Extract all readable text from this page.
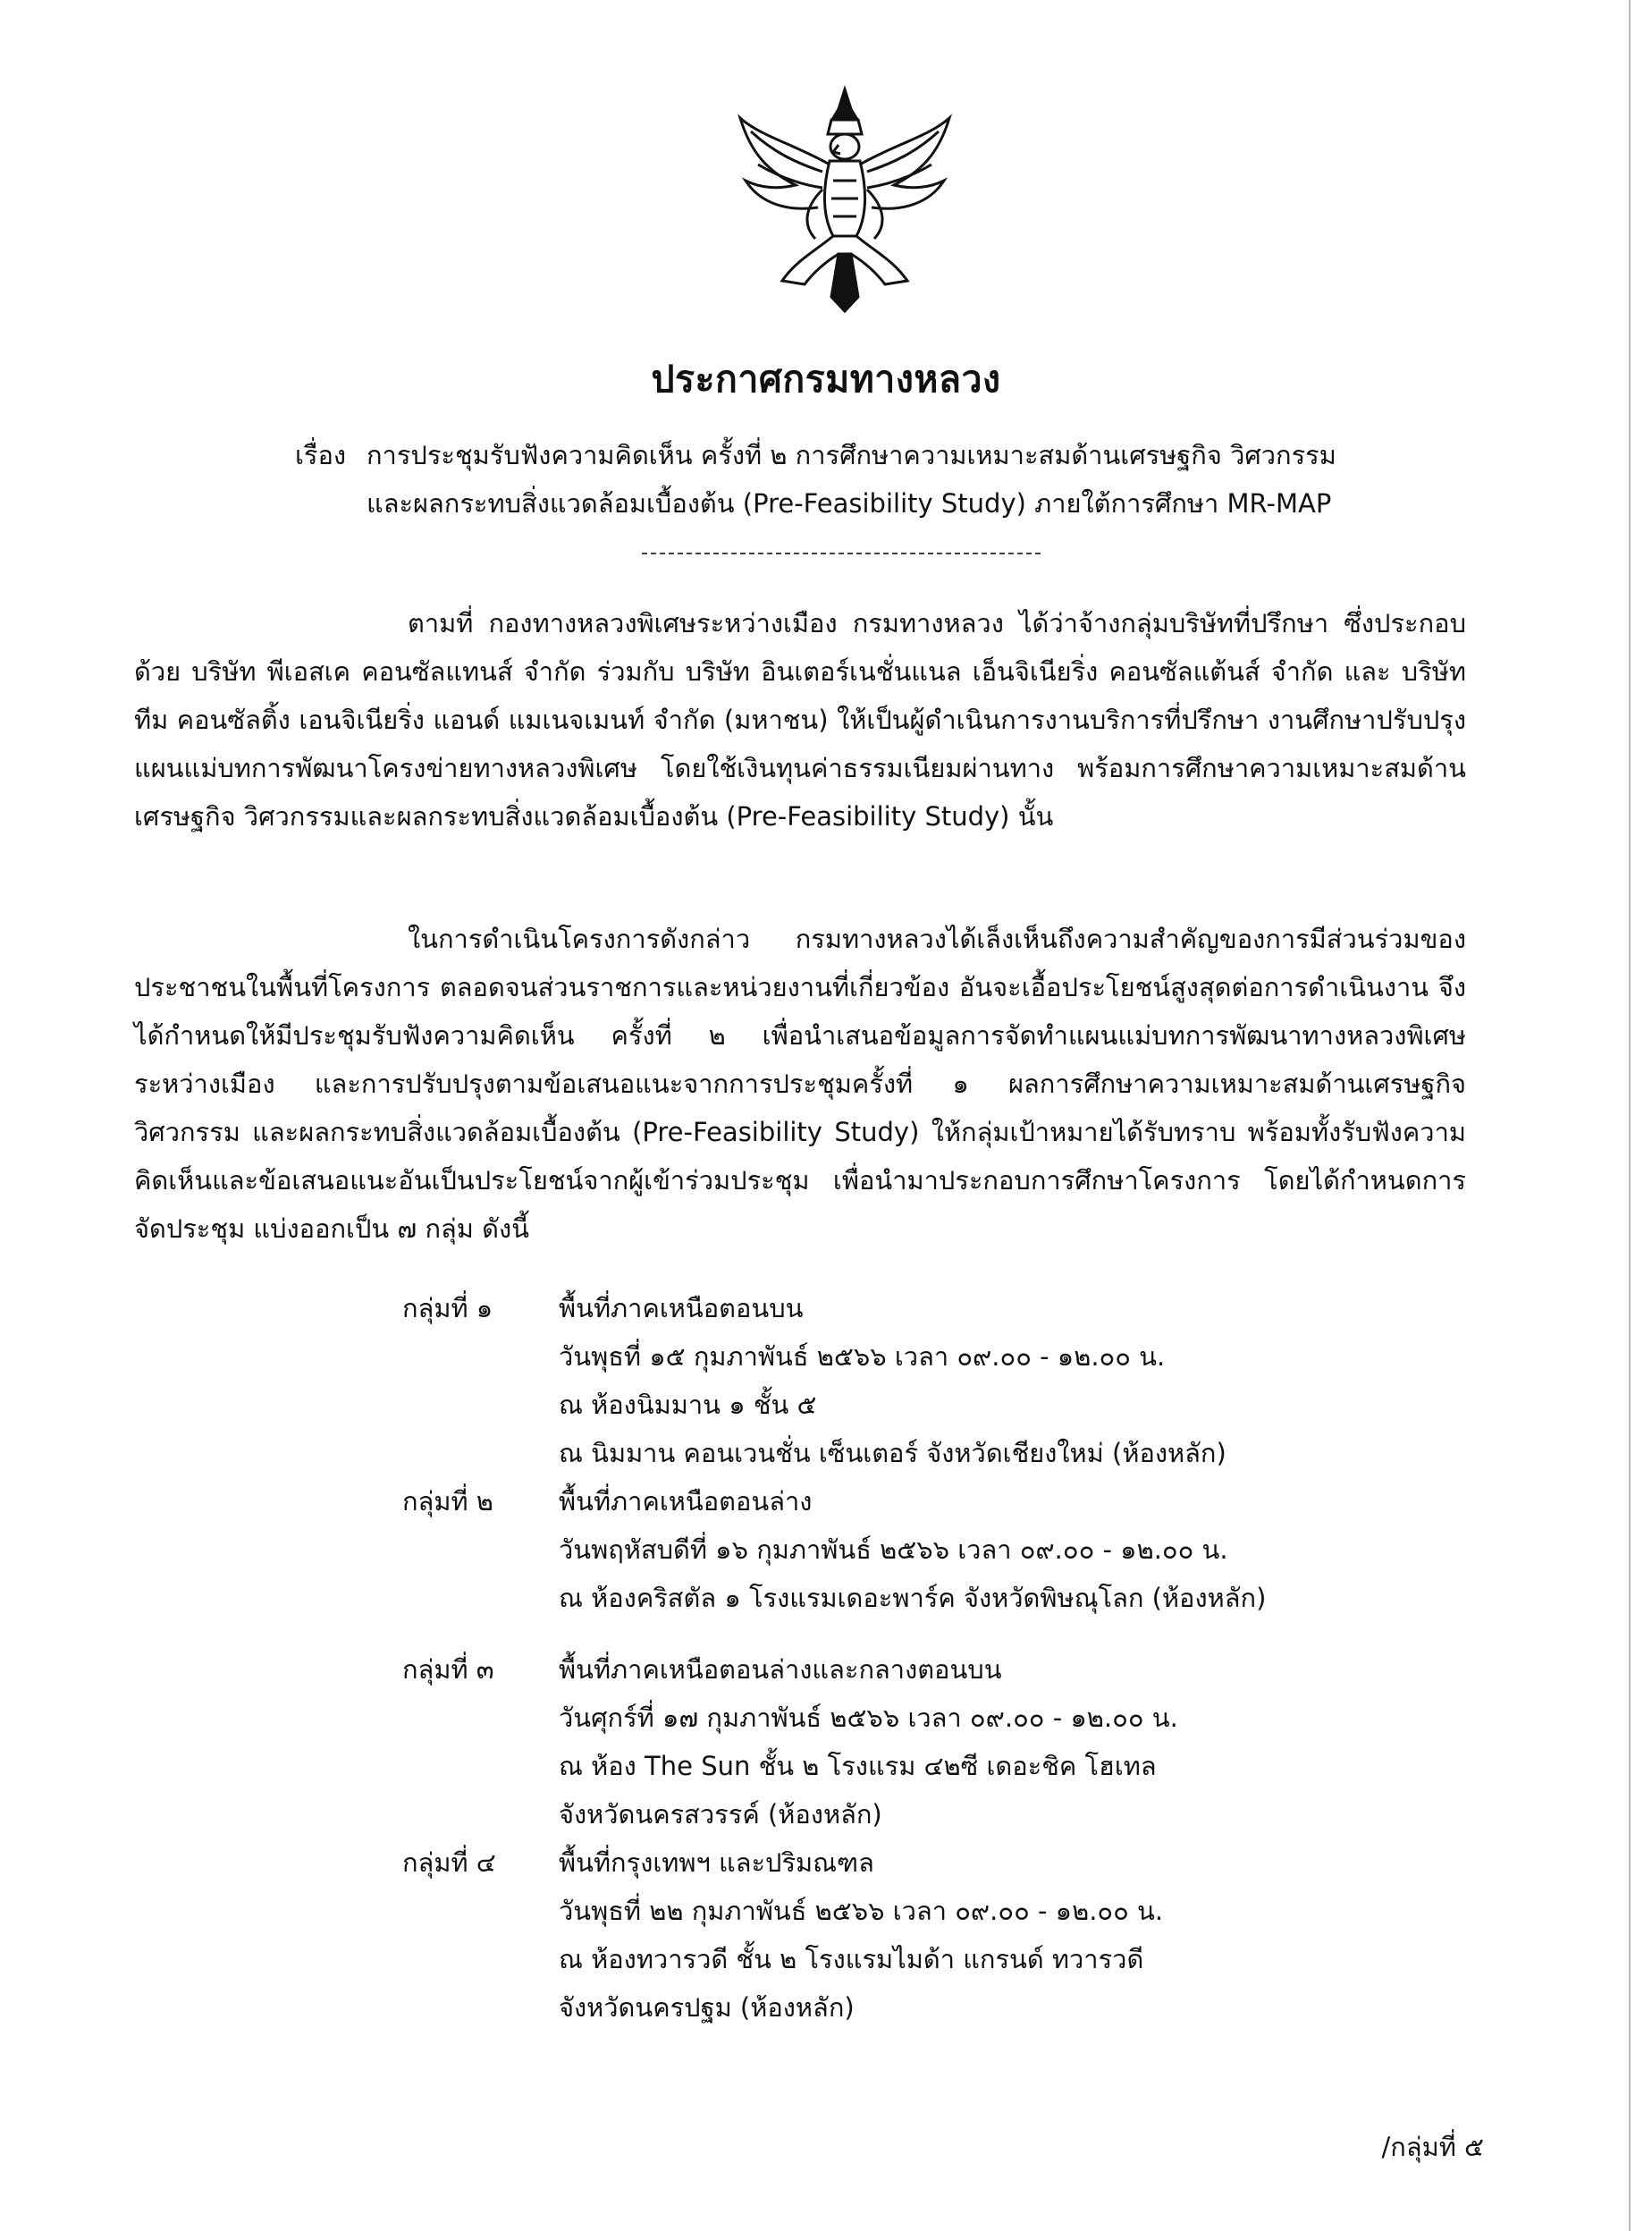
ประกาศกรมทางหลวง
เรื่อง การประชุมรับฟังความคิดเห็น ครั้งที่ ๒ การศึกษาความเหมาะสมด้านเศรษฐกิจ วิศวกรรม
และผลกระทบสิ่งแวดล้อมเบื้องต้น (Pre-Feasibility Study) ภายใต้การศึกษา MR-MAP
ตามที่ กองทางหลวงพิเศษระหว่างเมือง กรมทางหลวง ได้ว่าจ้างกลุ่มบริษัทที่ปรึกษา ซึ่งประกอบด้วย บริษัท พีเอสเค คอนซัลแทนส์ จำกัด ร่วมกับ บริษัท อินเตอร์เนชั่นแนล เอ็นจิเนียริ่ง คอนซัลแต้นส์ จำกัด และ บริษัท ทีม คอนซัลติ้ง เอนจิเนียริ่ง แอนด์ แมเนจเมนท์ จำกัด (มหาชน) ให้เป็นผู้ดำเนินการงานบริการที่ปรึกษา งานศึกษาปรับปรุงแผนแม่บทการพัฒนาโครงข่ายทางหลวงพิเศษ โดยใช้เงินทุนค่าธรรมเนียมผ่านทาง พร้อมการศึกษาความเหมาะสมด้านเศรษฐกิจ วิศวกรรมและผลกระทบสิ่งแวดล้อมเบื้องต้น (Pre-Feasibility Study) นั้น
ในการดำเนินโครงการดังกล่าว กรมทางหลวงได้เล็งเห็นถึงความสำคัญของการมีส่วนร่วมของประชาชนในพื้นที่โครงการ ตลอดจนส่วนราชการและหน่วยงานที่เกี่ยวข้อง อันจะเอื้อประโยชน์สูงสุดต่อการดำเนินงาน จึงได้กำหนดให้มีประชุมรับฟังความคิดเห็น ครั้งที่ ๒ เพื่อนำเสนอข้อมูลการจัดทำแผนแม่บทการพัฒนาทางหลวงพิเศษระหว่างเมือง และการปรับปรุงตามข้อเสนอแนะจากการประชุมครั้งที่ ๑ ผลการศึกษาความเหมาะสมด้านเศรษฐกิจ วิศวกรรม และผลกระทบสิ่งแวดล้อมเบื้องต้น (Pre-Feasibility Study) ให้กลุ่มเป้าหมายได้รับทราบ พร้อมทั้งรับฟังความคิดเห็นและข้อเสนอแนะอันเป็นประโยชน์จากผู้เข้าร่วมประชุม เพื่อนำมาประกอบการศึกษาโครงการ โดยได้กำหนดการจัดประชุม แบ่งออกเป็น ๗ กลุ่ม ดังนี้
กลุ่มที่ ๑	พื้นที่ภาคเหนือตอนบน
วันพุธที่ ๑๕ กุมภาพันธ์ ๒๕๖๖ เวลา ๐๙.๐๐ - ๑๒.๐๐ น.
ณ ห้องนิมมาน ๑ ชั้น ๕
ณ นิมมาน คอนเวนชั่น เซ็นเตอร์ จังหวัดเชียงใหม่ (ห้องหลัก)
กลุ่มที่ ๒	พื้นที่ภาคเหนือตอนล่าง
วันพฤหัสบดีที่ ๑๖ กุมภาพันธ์ ๒๕๖๖ เวลา ๐๙.๐๐ - ๑๒.๐๐ น.
ณ ห้องคริสตัล ๑ โรงแรมเดอะพาร์ค จังหวัดพิษณุโลก (ห้องหลัก)
กลุ่มที่ ๓	พื้นที่ภาคเหนือตอนล่างและกลางตอนบน
วันศุกร์ที่ ๑๗ กุมภาพันธ์ ๒๕๖๖ เวลา ๐๙.๐๐ - ๑๒.๐๐ น.
ณ ห้อง The Sun ชั้น ๒ โรงแรม ๔๒ซี เดอะชิค โฮเทล
จังหวัดนครสวรรค์ (ห้องหลัก)
กลุ่มที่ ๔	พื้นที่กรุงเทพฯ และปริมณฑล
วันพุธที่ ๒๒ กุมภาพันธ์ ๒๕๖๖ เวลา ๐๙.๐๐ - ๑๒.๐๐ น.
ณ ห้องทวารวดี ชั้น ๒ โรงแรมไมด้า แกรนด์ ทวารวดี
จังหวัดนครปฐม (ห้องหลัก)
/กลุ่มที่ ๕
